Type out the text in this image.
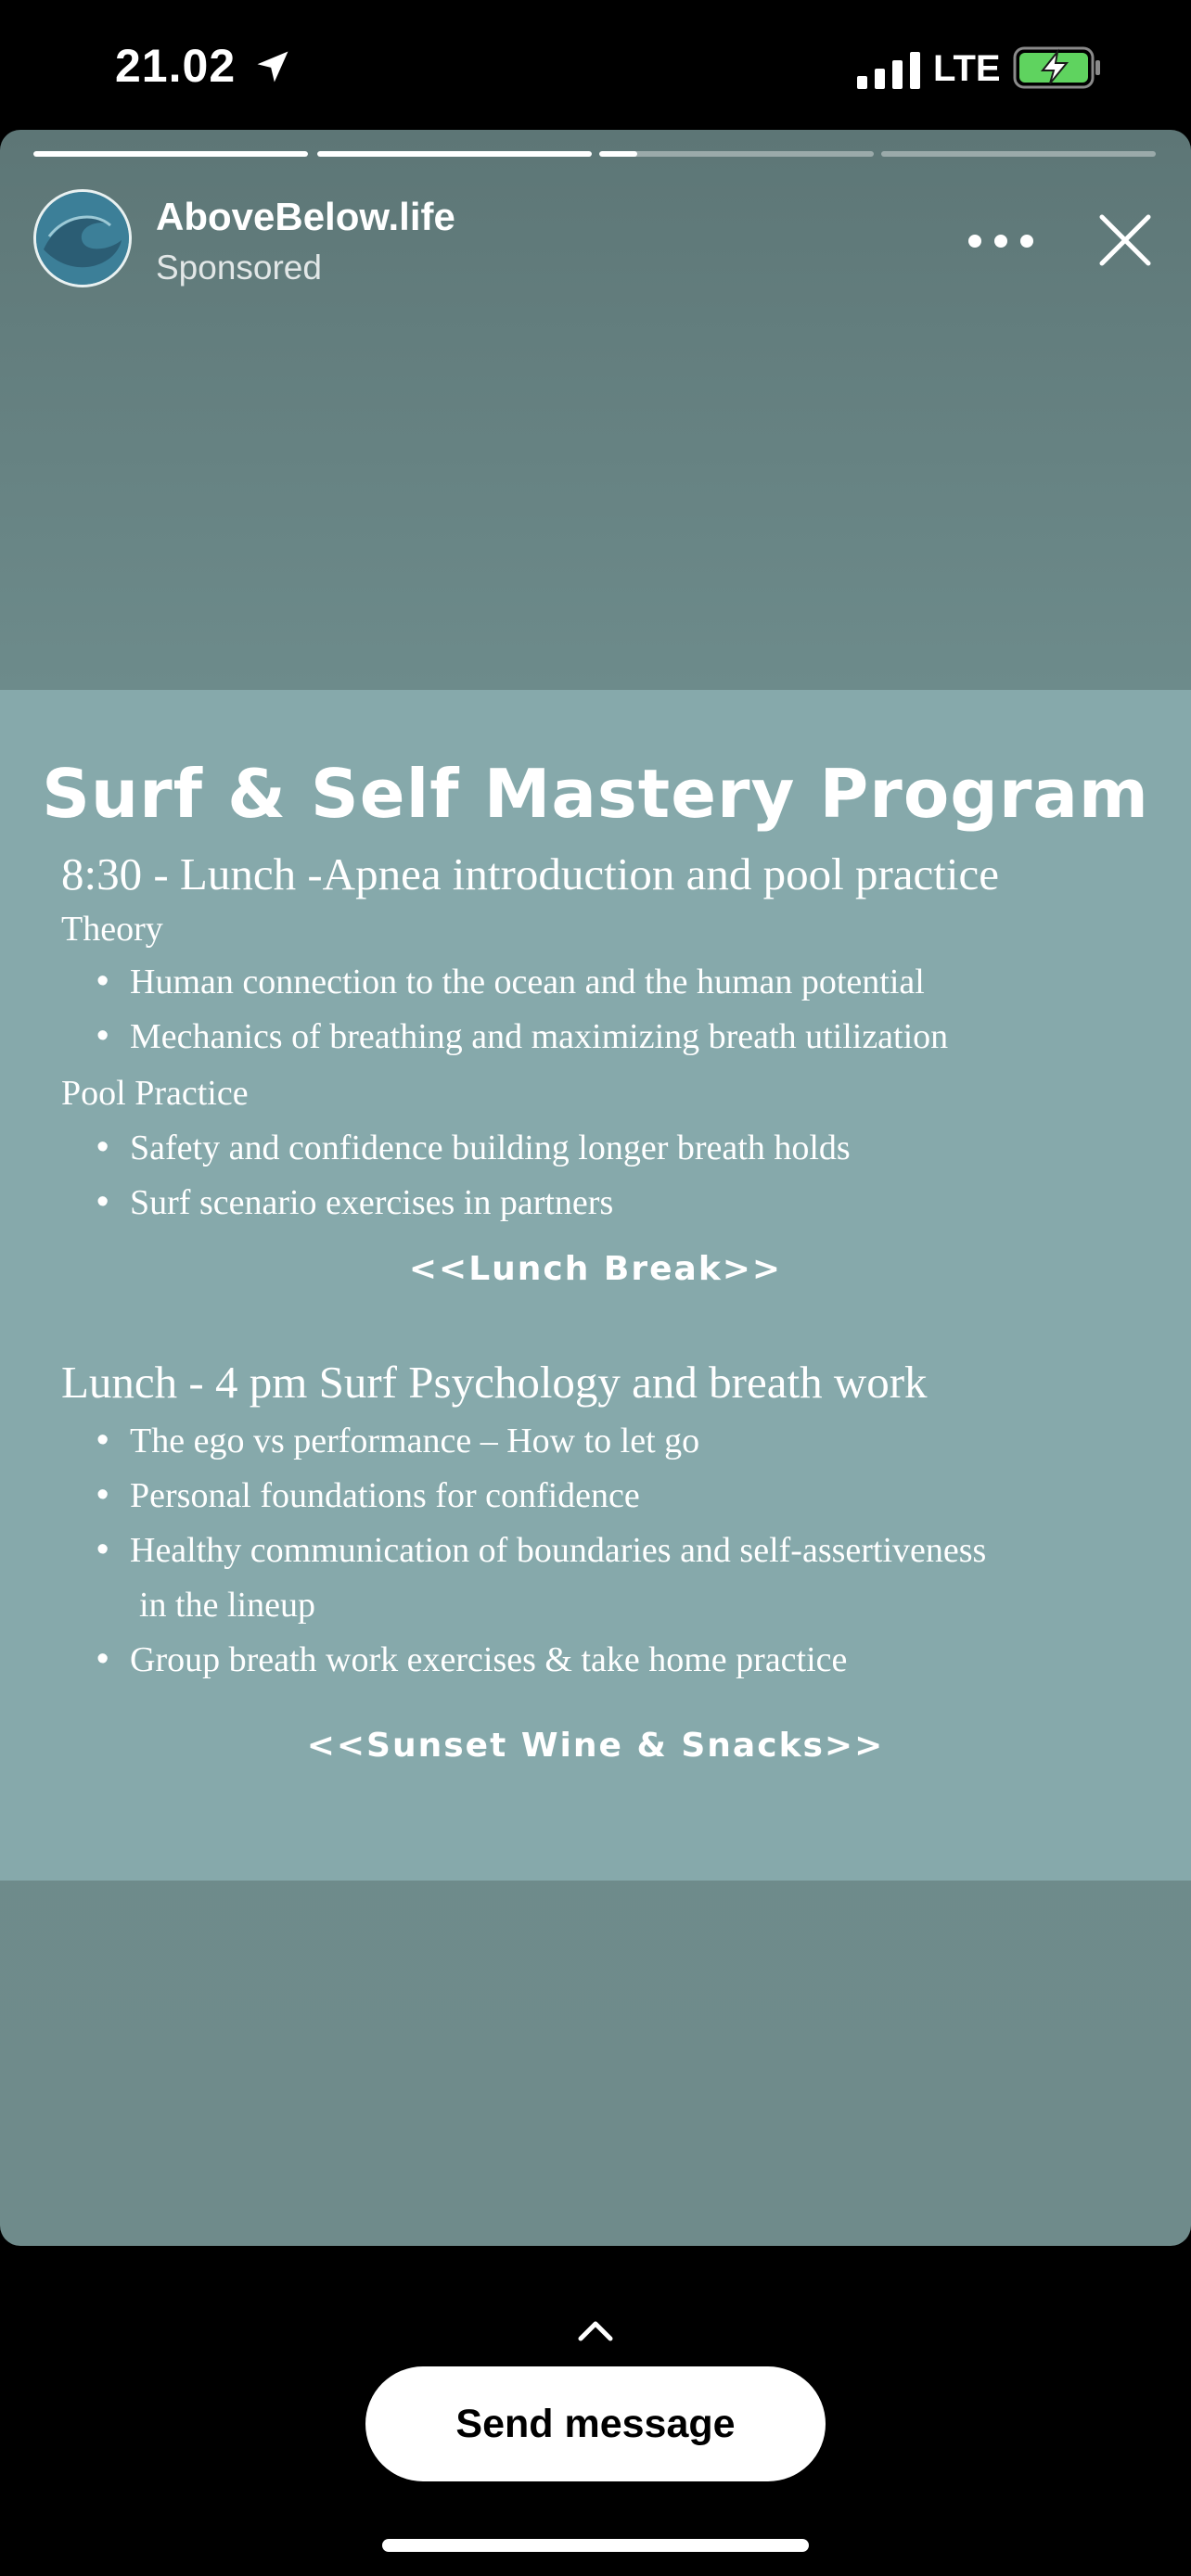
21.02	LTE
AboveBelow.life
Sponsored
Surf & Self Mastery Program
8:30 - Lunch -Apnea introduction and pool practice
Theory
• Human connection to the ocean and the human potential
• Mechanics of breathing and maximizing breath utilization
Pool Practice
• Safety and confidence building longer breath holds
• Surf scenario exercises in partners
<<Lunch Break>>
Lunch - 4 pm Surf Psychology and breath work
• The ego vs performance – How to let go
• Personal foundations for confidence
• Healthy communication of boundaries and self-assertiveness
in the lineup
• Group breath work exercises & take home practice
<<Sunset Wine & Snacks>>
Send message
